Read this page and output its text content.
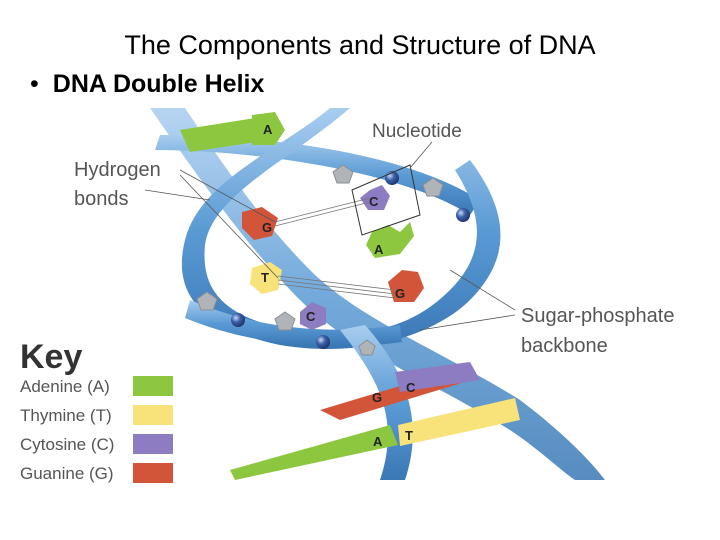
The Components and Structure of DNA
• DNA Double Helix
A
C
G
A
T
G
C
C
G
A T
Hydrogen
bonds
Nucleotide
Sugar-phosphate
backbone
Key
Adenine (A)
Thymine (T)
Cytosine (C)
Guanine (G)
